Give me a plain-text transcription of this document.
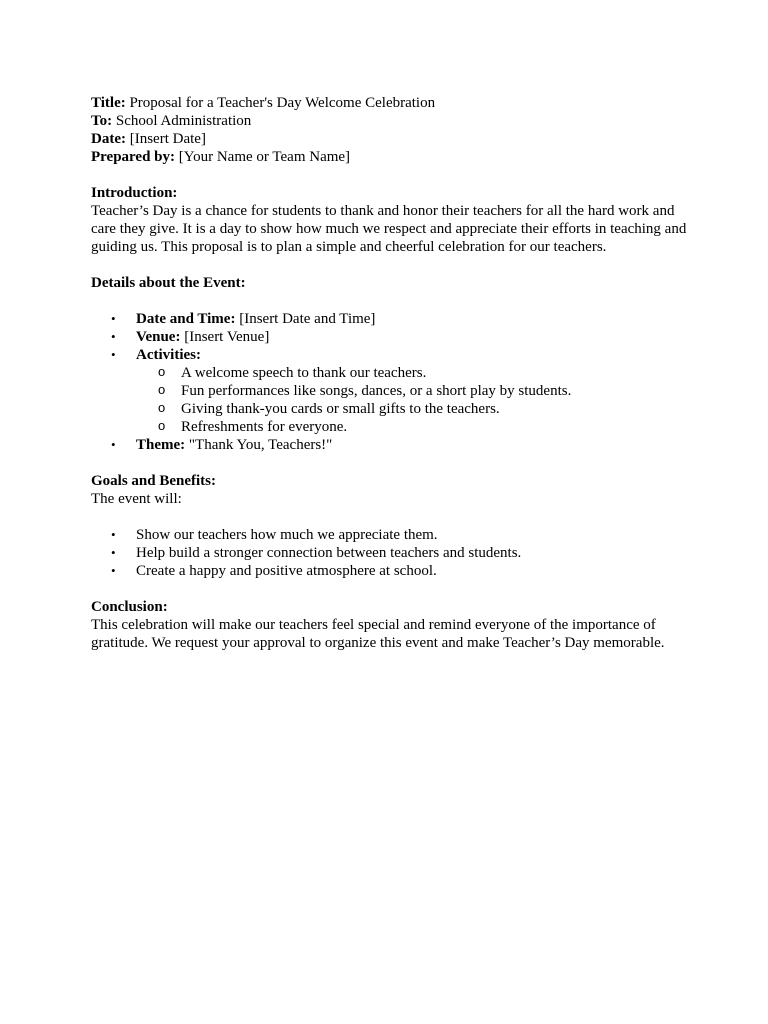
Title: Proposal for a Teacher's Day Welcome Celebration

To: School Administration

Date: [Insert Date]

Prepared by: [Your Name or Team Name]

Introduction:

Teacher’s Day is a chance for students to thank and honor their teachers for all the hard work and care they give. It is a day to show how much we respect and appreciate their efforts in teaching and guiding us. This proposal is to plan a simple and cheerful celebration for our teachers.

Details about the Event:

• Date and Time: [Insert Date and Time]
• Venue: [Insert Venue]
• Activities:
o A welcome speech to thank our teachers.
o Fun performances like songs, dances, or a short play by students.
o Giving thank-you cards or small gifts to the teachers.
o Refreshments for everyone.
• Theme: "Thank You, Teachers!"

Goals and Benefits:

The event will:

• Show our teachers how much we appreciate them.
• Help build a stronger connection between teachers and students.
• Create a happy and positive atmosphere at school.

Conclusion:

This celebration will make our teachers feel special and remind everyone of the importance of gratitude. We request your approval to organize this event and make Teacher’s Day memorable.
